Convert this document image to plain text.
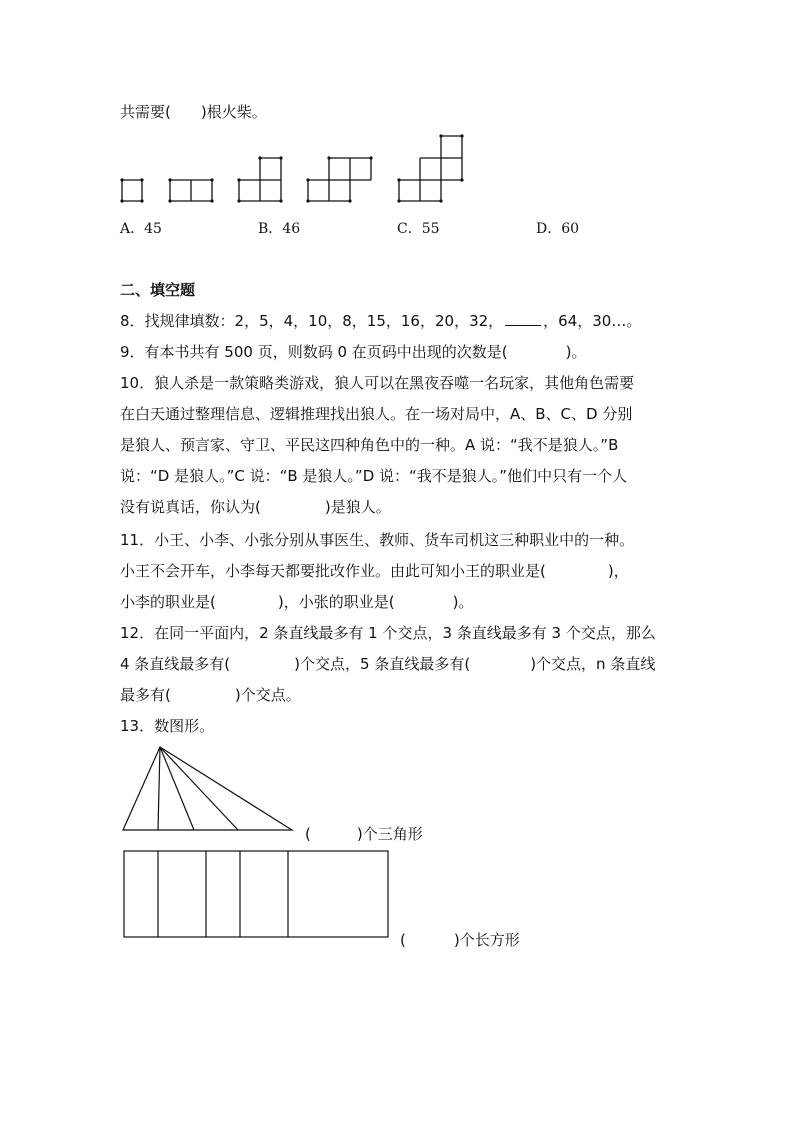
共需要( )根火柴。
A．45	B．46	C．55	D．60
二、填空题
8．找规律填数：2，5，4，10，8，15，16，20，32，	，64，30…。
9．有本书共有 500 页，则数码 0 在页码中出现的次数是(	)。
10．狼人杀是一款策略类游戏，狼人可以在黑夜吞噬一名玩家，其他角色需要
在白天通过整理信息、逻辑推理找出狼人。在一场对局中，A、B、C、D 分别
是狼人、预言家、守卫、平民这四种角色中的一种。A 说：“我不是狼人。”B
说：“D 是狼人。”C 说：“B 是狼人。”D 说：“我不是狼人。”他们中只有一个人
没有说真话，你认为(	)是狼人。
11．小王、小李、小张分别从事医生、教师、货车司机这三种职业中的一种。
小王不会开车，小李每天都要批改作业。由此可知小王的职业是(	)，
小李的职业是(	)，小张的职业是(	)。
12．在同一平面内，2 条直线最多有 1 个交点，3 条直线最多有 3 个交点，那么
4 条直线最多有(	)个交点，5 条直线最多有(	)个交点，n 条直线
最多有(	)个交点。
13．数图形。
(	)个三角形
(	)个长方形
